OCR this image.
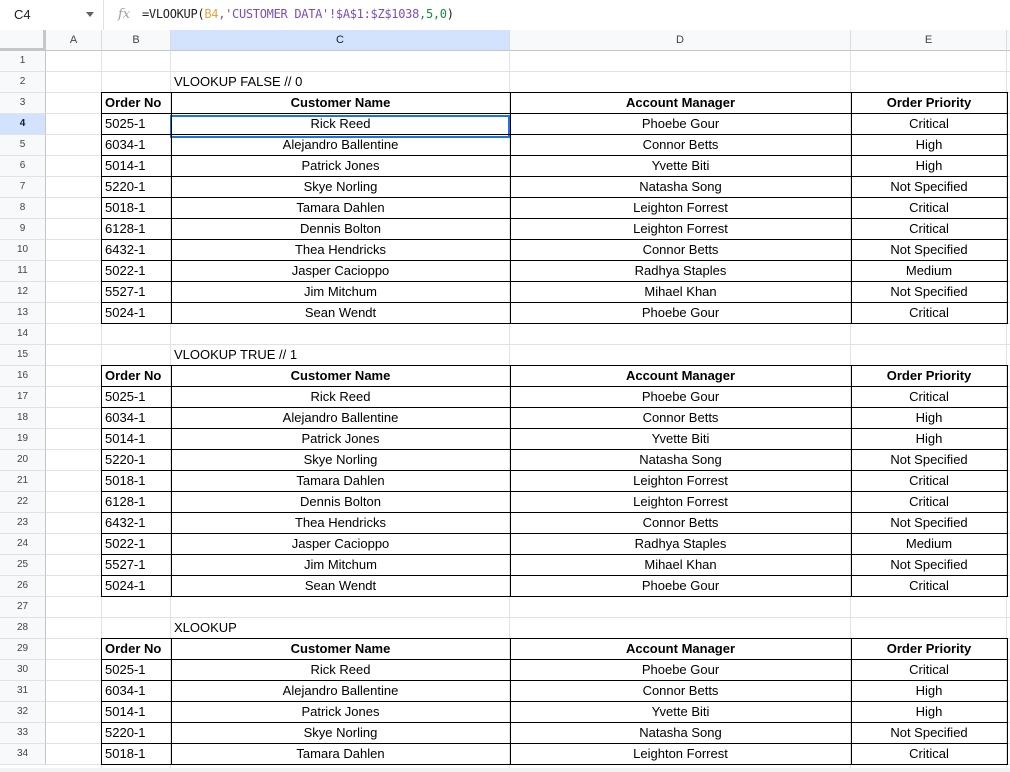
C4	fx =VLOOKUP(B4,'CUSTOMER DATA'!$A$1:$Z$1038,5,0)
A	B	C	D	E
1
2
3
4
5
6
7
8
9
10
11
12
13
14
15
16
17
18
19
20
21
22
23
24
25
26
27
28
29
30
31
32
33
34
VLOOKUP FALSE // 0
Order No	Customer Name	Account Manager	Order Priority
5025-1	Rick Reed	Phoebe Gour	Critical
6034-1	Alejandro Ballentine	Connor Betts	High
5014-1	Patrick Jones	Yvette Biti	High
5220-1	Skye Norling	Natasha Song	Not Specified
5018-1	Tamara Dahlen	Leighton Forrest	Critical
6128-1	Dennis Bolton	Leighton Forrest	Critical
6432-1	Thea Hendricks	Connor Betts	Not Specified
5022-1	Jasper Cacioppo	Radhya Staples	Medium
5527-1	Jim Mitchum	Mihael Khan	Not Specified
5024-1	Sean Wendt	Phoebe Gour	Critical
VLOOKUP TRUE // 1
Order No	Customer Name	Account Manager	Order Priority
5025-1	Rick Reed	Phoebe Gour	Critical
6034-1	Alejandro Ballentine	Connor Betts	High
5014-1	Patrick Jones	Yvette Biti	High
5220-1	Skye Norling	Natasha Song	Not Specified
5018-1	Tamara Dahlen	Leighton Forrest	Critical
6128-1	Dennis Bolton	Leighton Forrest	Critical
6432-1	Thea Hendricks	Connor Betts	Not Specified
5022-1	Jasper Cacioppo	Radhya Staples	Medium
5527-1	Jim Mitchum	Mihael Khan	Not Specified
5024-1	Sean Wendt	Phoebe Gour	Critical
XLOOKUP
Order No	Customer Name	Account Manager	Order Priority
5025-1	Rick Reed	Phoebe Gour	Critical
6034-1	Alejandro Ballentine	Connor Betts	High
5014-1	Patrick Jones	Yvette Biti	High
5220-1	Skye Norling	Natasha Song	Not Specified
5018-1	Tamara Dahlen	Leighton Forrest	Critical
